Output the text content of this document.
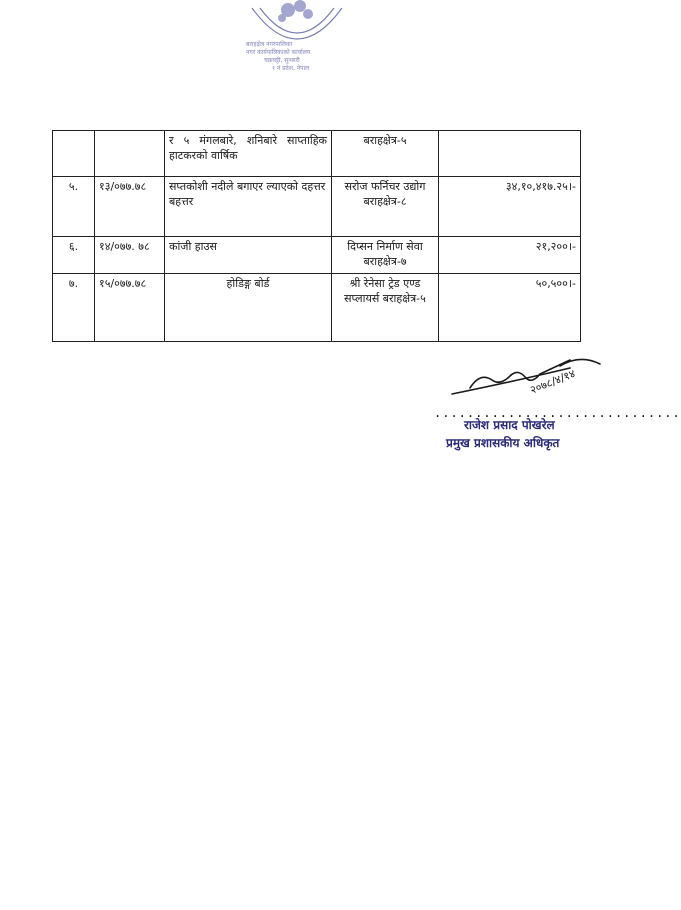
बराहक्षेत्र नगरपालिका
नगर कार्यपालिकाको कार्यालय
चक्रघट्टी, सुनसरी
१ नं प्रदेश, नेपाल
		र ५ मंगलबारे, शनिबारे साप्ताहिक हाटकरको वार्षिक	बराहक्षेत्र-५	
५.	१३/०७७.७८	सप्तकोशी नदीले बगाएर ल्याएको दहत्तर बहत्तर	सरोज फर्निचर उद्योग बराहक्षेत्र-८	३४,१०,४१७.२५।-
६.	१४/०७७. ७८	कांजी हाउस	दिप्सन निर्माण सेवा बराहक्षेत्र-७	२१,२००।-
७.	१५/०७७.७८	होडिङ्ग बोर्ड	श्री रेनेसा ट्रेड एण्ड सप्लायर्स बराहक्षेत्र-५	५०,५००।-
२०७८/४/१४
..............................
राजेश प्रसाद पोखरेल
प्रमुख प्रशासकीय अधिकृत
